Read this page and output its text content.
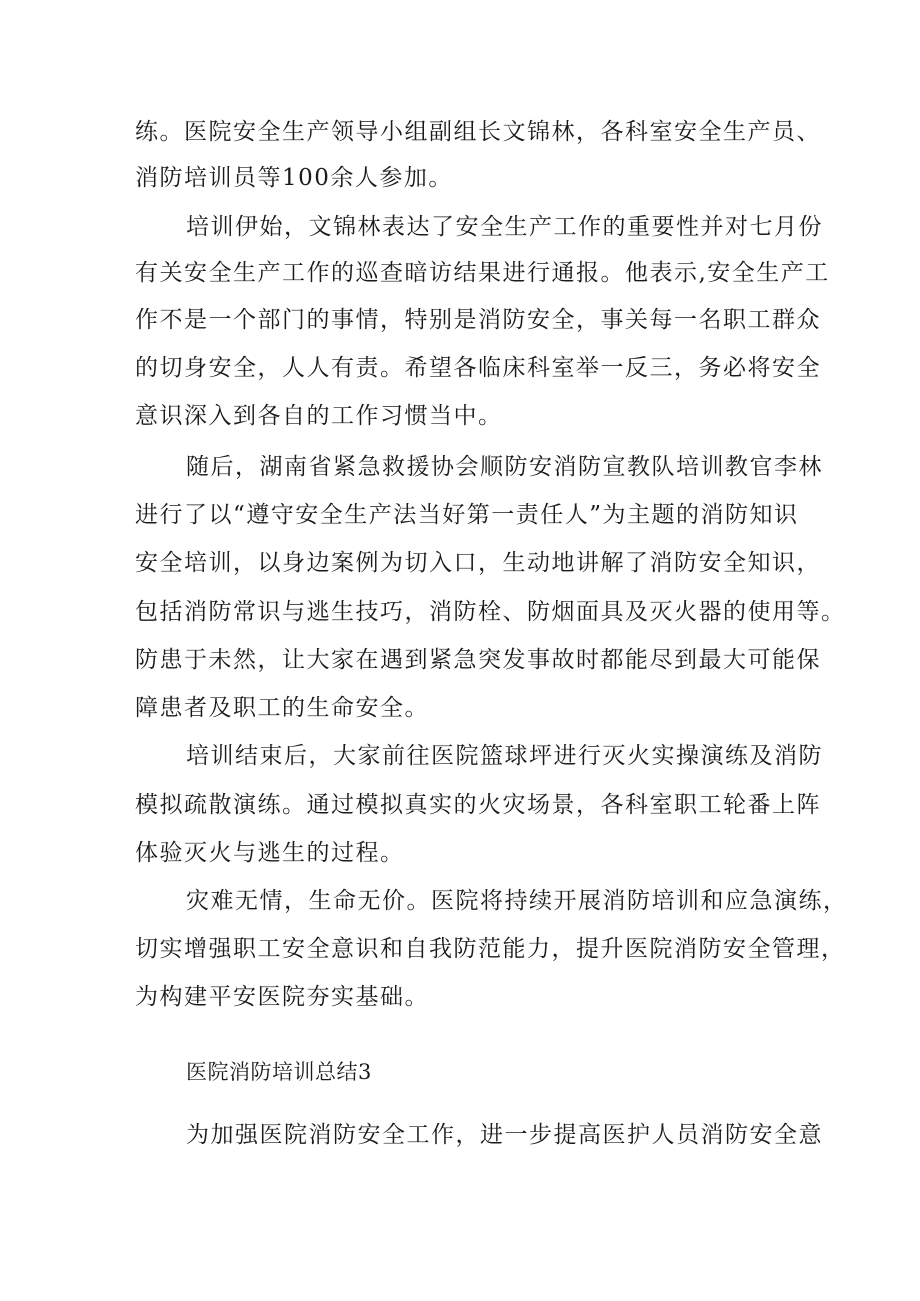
练。医院安全生产领导小组副组长文锦林，各科室安全生产员、
消防培训员等100余人参加。
培训伊始，文锦林表达了安全生产工作的重要性并对七月份
有关安全生产工作的巡查暗访结果进行通报。他表示,安全生产工
作不是一个部门的事情，特别是消防安全，事关每一名职工群众
的切身安全，人人有责。希望各临床科室举一反三，务必将安全
意识深入到各自的工作习惯当中。
随后，湖南省紧急救援协会顺防安消防宣教队培训教官李林
进行了以“遵守安全生产法当好第一责任人”为主题的消防知识
安全培训，以身边案例为切入口，生动地讲解了消防安全知识，
包括消防常识与逃生技巧，消防栓、防烟面具及灭火器的使用等。
防患于未然，让大家在遇到紧急突发事故时都能尽到最大可能保
障患者及职工的生命安全。
培训结束后，大家前往医院篮球坪进行灭火实操演练及消防
模拟疏散演练。通过模拟真实的火灾场景，各科室职工轮番上阵
体验灭火与逃生的过程。
灾难无情，生命无价。医院将持续开展消防培训和应急演练，
切实增强职工安全意识和自我防范能力，提升医院消防安全管理，
为构建平安医院夯实基础。
医院消防培训总结3
为加强医院消防安全工作，进一步提高医护人员消防安全意
